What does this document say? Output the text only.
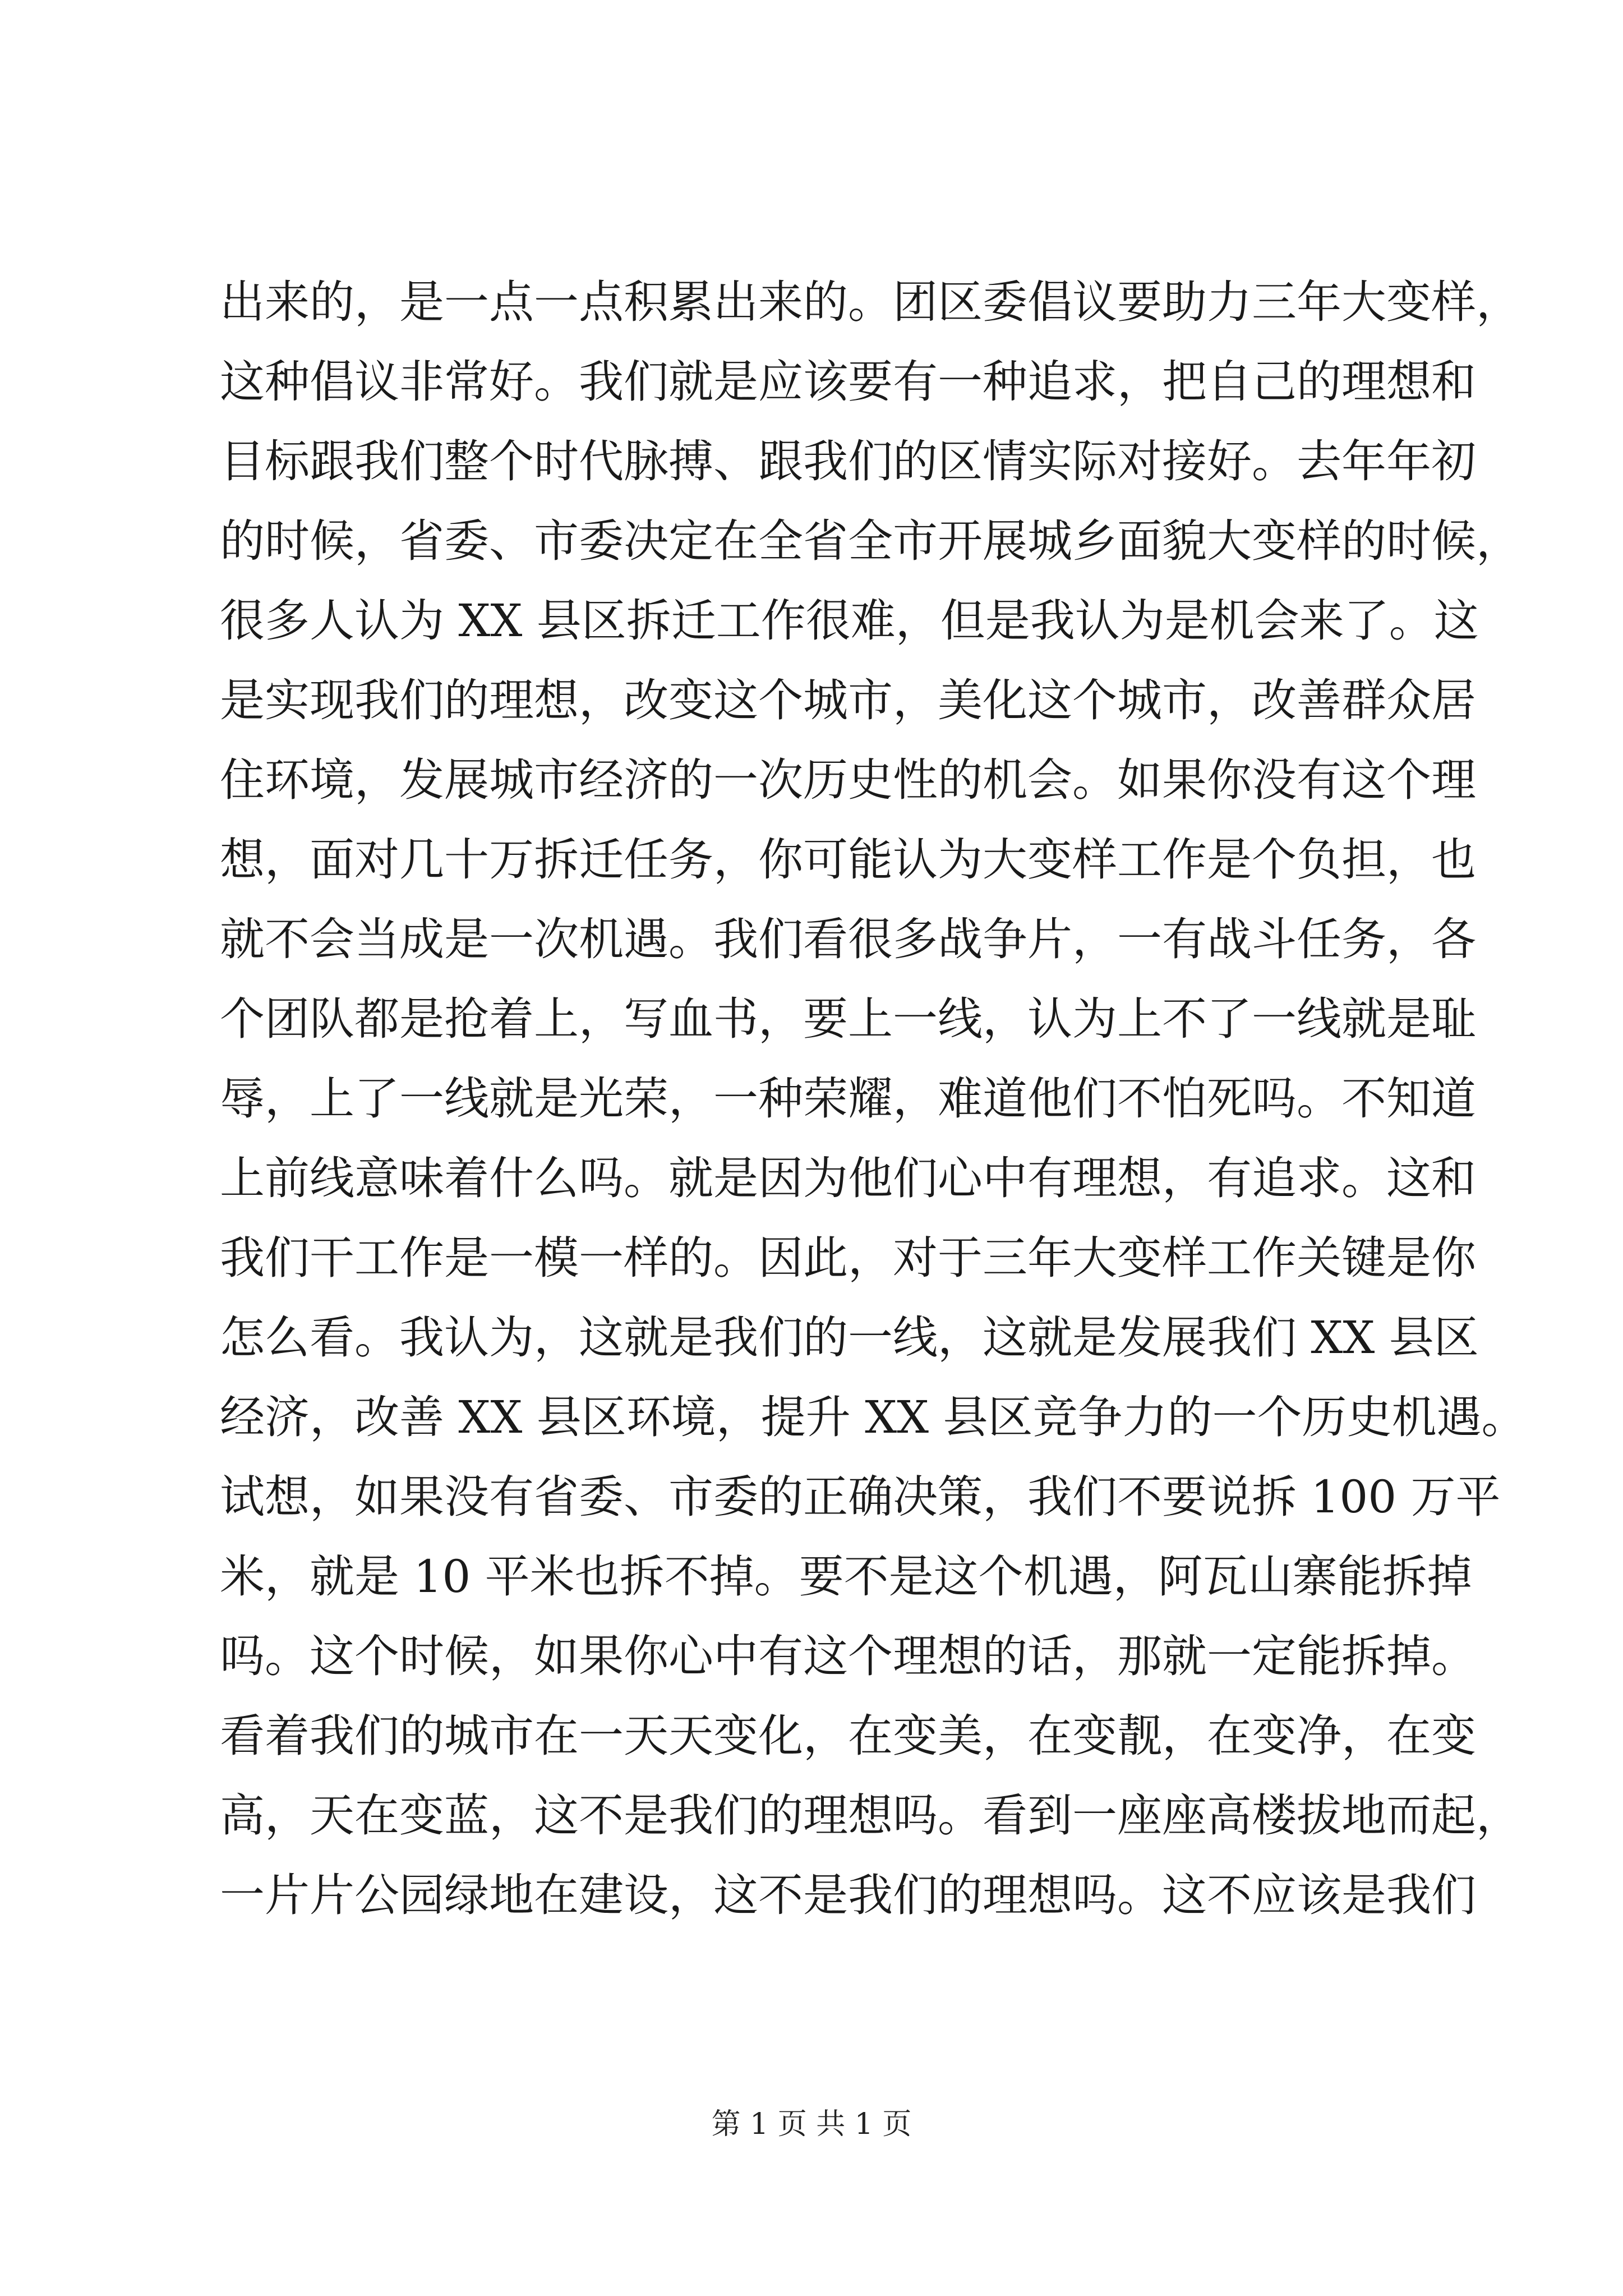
出来的，是一点一点积累出来的。团区委倡议要助力三年大变样，
这种倡议非常好。我们就是应该要有一种追求，把自己的理想和
目标跟我们整个时代脉搏、跟我们的区情实际对接好。去年年初
的时候，省委、市委决定在全省全市开展城乡面貌大变样的时候，
很多人认为 XX 县区拆迁工作很难，但是我认为是机会来了。这
是实现我们的理想，改变这个城市，美化这个城市，改善群众居
住环境，发展城市经济的一次历史性的机会。如果你没有这个理
想，面对几十万拆迁任务，你可能认为大变样工作是个负担，也
就不会当成是一次机遇。我们看很多战争片，一有战斗任务，各
个团队都是抢着上，写血书，要上一线，认为上不了一线就是耻
辱，上了一线就是光荣，一种荣耀，难道他们不怕死吗。不知道
上前线意味着什么吗。就是因为他们心中有理想，有追求。这和
我们干工作是一模一样的。因此，对于三年大变样工作关键是你
怎么看。我认为，这就是我们的一线，这就是发展我们 XX 县区
经济，改善 XX 县区环境，提升 XX 县区竞争力的一个历史机遇。
试想，如果没有省委、市委的正确决策，我们不要说拆 100 万平
米，就是 10 平米也拆不掉。要不是这个机遇，阿瓦山寨能拆掉
吗。这个时候，如果你心中有这个理想的话，那就一定能拆掉。
看着我们的城市在一天天变化，在变美，在变靓，在变净，在变
高，天在变蓝，这不是我们的理想吗。看到一座座高楼拔地而起，
一片片公园绿地在建设，这不是我们的理想吗。这不应该是我们
第 1 页 共 1 页
